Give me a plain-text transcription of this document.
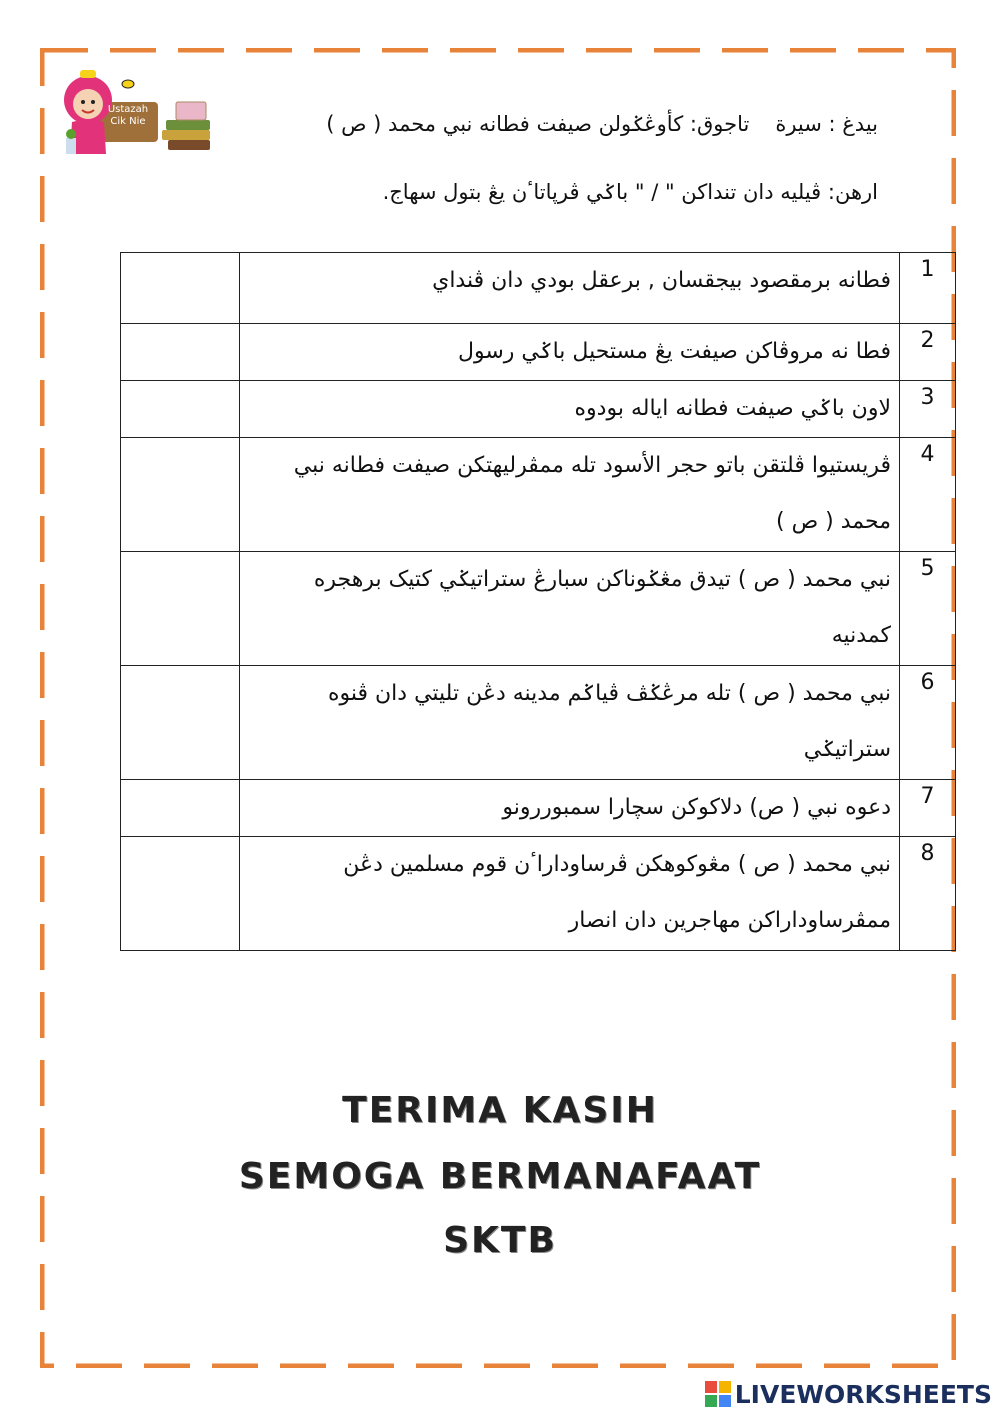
Ustazah
Cik Nie	بيدغ : سيرةتاجوق: كأوڠݢولن صيفت فطانه نبي محمد ( ص )
ارهن: ڤيليه دان تنداكن " / " باݢي ڤرڽاتاٴن يڠ بتول سهاج.
	فطانه برمقصود بيجقسان , برعقل بودي دان ڤنداي	1
	فطا نه مروڤاكن صيفت يڠ مستحيل باݢي رسول	2
	لاون باݢي صيفت فطانه اياله بودوه	3
	ڤريستيوا ڤلتقن باتو حجر الأسود تله ممڤرليهتكن صيفت فطانه نبي محمد ( ص )	4
	نبي محمد ( ص ) تيدق مڠݢوناكن سبارڠ ستراتيݢي كتيک برهجره كمدنيه	5
	نبي محمد ( ص ) تله مرڠݢڤ ڤياݢم مدينه دڠن تليتي دان ڤنوه ستراتيݢي	6
	دعوه نبي ( ص) دلاكوكن سچارا سمبوررونو	7
	نبي محمد ( ص ) مڠوكوهكن ڤرساوداراٴن قوم مسلمين دڠن ممڤرساوداراكن مهاجرين دان انصار	8
TERIMA KASIH
SEMOGA BERMANAFAAT
SKTB
LIVEWORKSHEETS
